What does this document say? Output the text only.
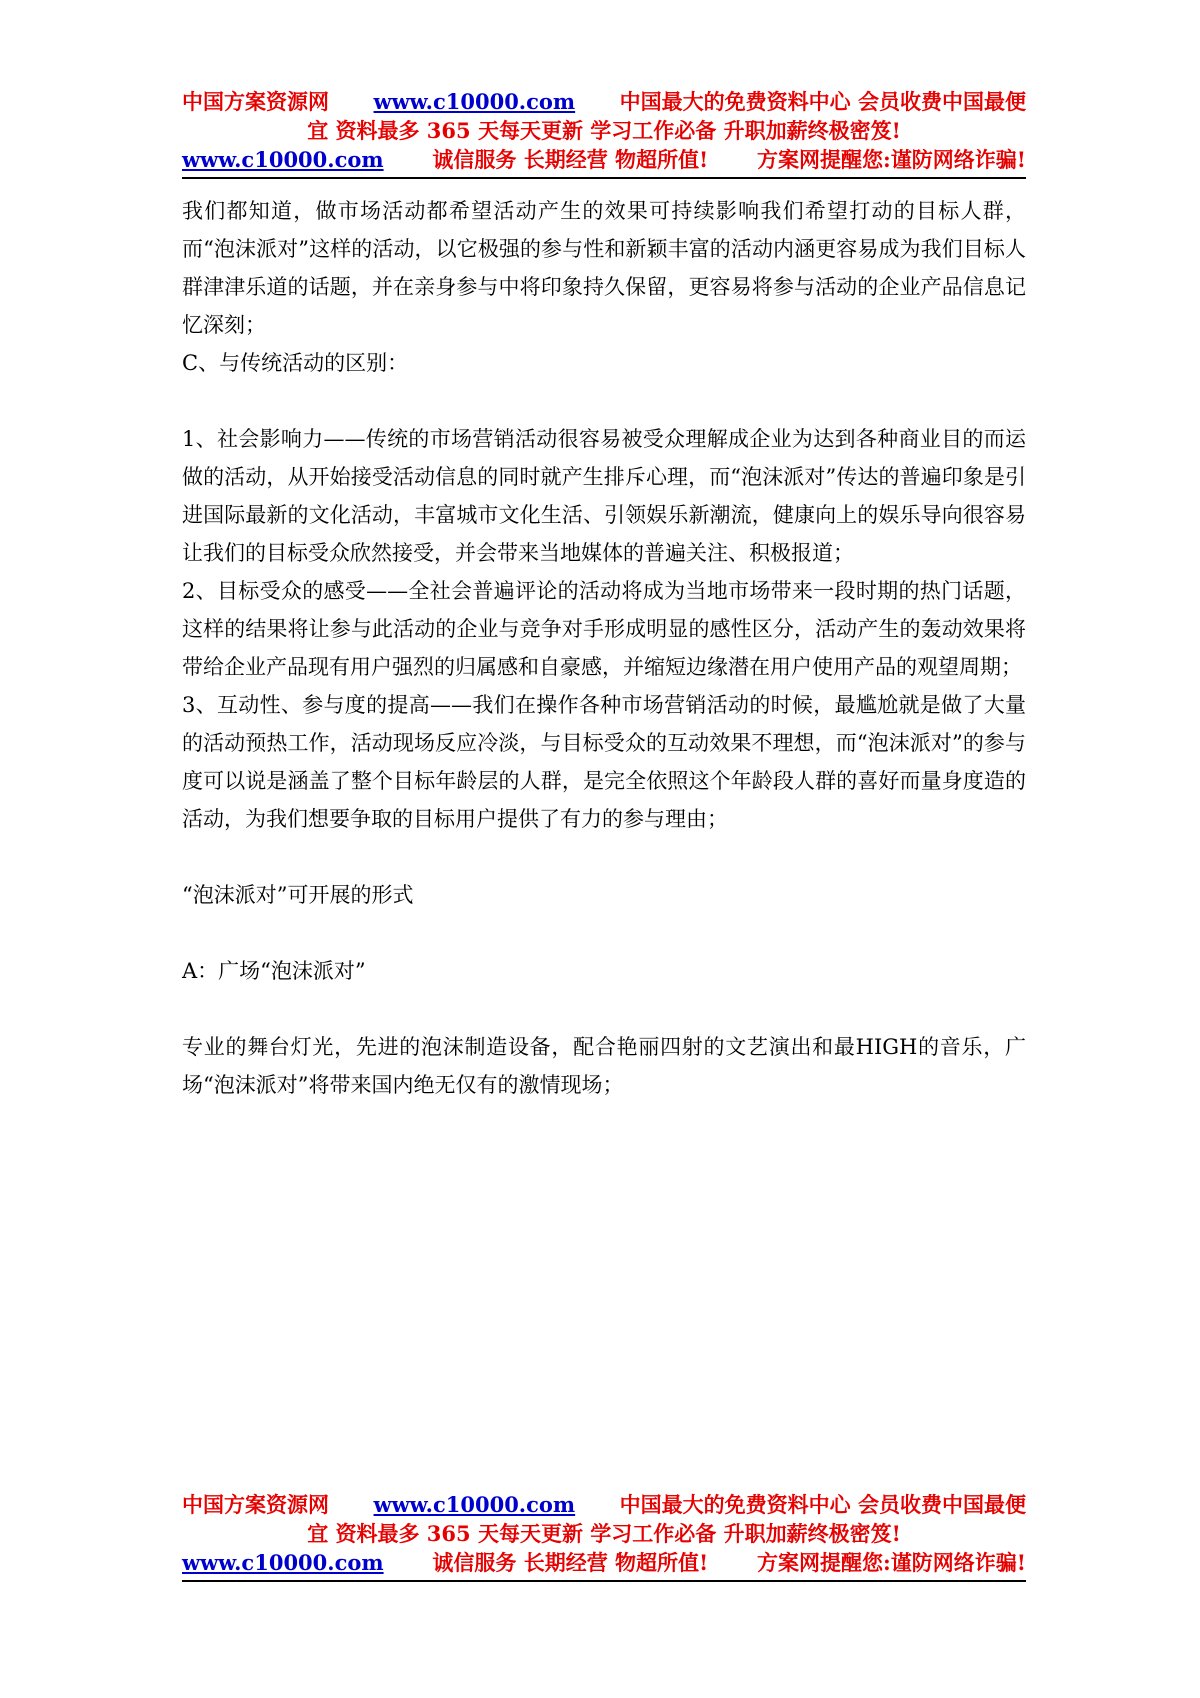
中国方案资源网 www.c10000.com 中国最大的免费资料中心 会员收费中国最便
宜 资料最多 365 天每天更新 学习工作必备 升职加薪终极密笈!
www.c10000.com 诚信服务 长期经营 物超所值! 方案网提醒您:谨防网络诈骗!

我们都知道，做市场活动都希望活动产生的效果可持续影响我们希望打动的目标人群，而“泡沫派对”这样的活动，以它极强的参与性和新颖丰富的活动内涵更容易成为我们目标人群津津乐道的话题，并在亲身参与中将印象持久保留，更容易将参与活动的企业产品信息记忆深刻；

C、与传统活动的区别：

1、社会影响力——传统的市场营销活动很容易被受众理解成企业为达到各种商业目的而运做的活动，从开始接受活动信息的同时就产生排斥心理，而“泡沫派对”传达的普遍印象是引进国际最新的文化活动，丰富城市文化生活、引领娱乐新潮流，健康向上的娱乐导向很容易让我们的目标受众欣然接受，并会带来当地媒体的普遍关注、积极报道；

2、目标受众的感受——全社会普遍评论的活动将成为当地市场带来一段时期的热门话题，这样的结果将让参与此活动的企业与竞争对手形成明显的感性区分，活动产生的轰动效果将带给企业产品现有用户强烈的归属感和自豪感，并缩短边缘潜在用户使用产品的观望周期；

3、互动性、参与度的提高——我们在操作各种市场营销活动的时候，最尴尬就是做了大量的活动预热工作，活动现场反应冷淡，与目标受众的互动效果不理想，而“泡沫派对”的参与度可以说是涵盖了整个目标年龄层的人群，是完全依照这个年龄段人群的喜好而量身度造的活动，为我们想要争取的目标用户提供了有力的参与理由；

“泡沫派对”可开展的形式

A：广场“泡沫派对”

专业的舞台灯光，先进的泡沫制造设备，配合艳丽四射的文艺演出和最HIGH的音乐，广场“泡沫派对”将带来国内绝无仅有的激情现场；

中国方案资源网 www.c10000.com 中国最大的免费资料中心 会员收费中国最便
宜 资料最多 365 天每天更新 学习工作必备 升职加薪终极密笈!
www.c10000.com 诚信服务 长期经营 物超所值! 方案网提醒您:谨防网络诈骗!
